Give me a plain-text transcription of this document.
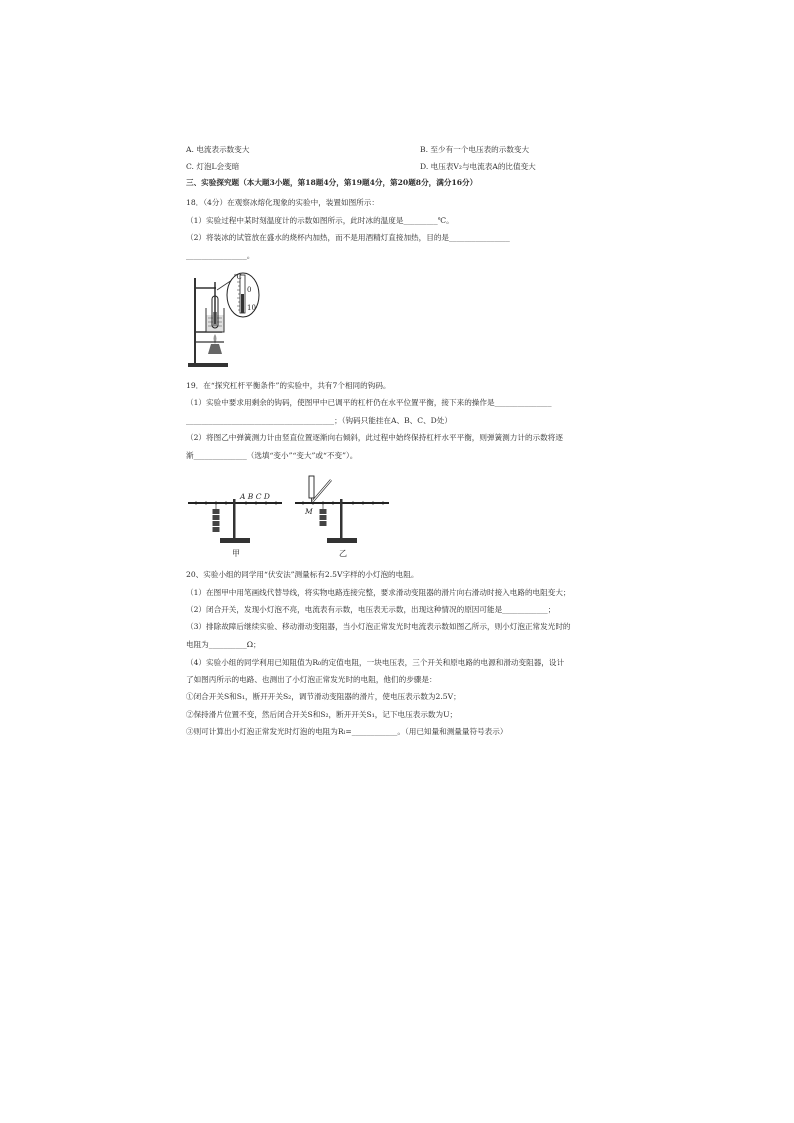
A. 电流表示数变大	B. 至少有一个电压表的示数变大
C. 灯泡L会变暗	D. 电压表V₂与电流表A的比值变大
三、实验探究题（本大题3小题，第18题4分，第19题4分，第20题8分，满分16分）
18．（4分）在观察冰熔化现象的实验中，装置如图所示：
（1）实验过程中某时刻温度计的示数如图所示，此时冰的温度是_________℃。
（2）将装冰的试管放在盛水的烧杯内加热，而不是用酒精灯直接加热，目的是________________
________________。
℃
0
10
19．在“探究杠杆平衡条件”的实验中，共有7个相同的钩码。
（1）实验中要求用剩余的钩码，使图甲中已调平的杠杆仍在水平位置平衡，接下来的操作是_______________
_______________________________________；（钩码只能挂在A、B、C、D处）
（2）将图乙中弹簧测力计由竖直位置逐渐向右倾斜，此过程中始终保持杠杆水平平衡，则弹簧测力计的示数将逐
渐______________（选填“变小”“变大”或“不变”）。
A B C D
甲
M
乙
20、实验小组的同学用“伏安法”测量标有2.5V字样的小灯泡的电阻。
（1）在图甲中用笔画线代替导线，将实物电路连接完整，要求滑动变阻器的滑片向右滑动时接入电路的电阻变大；
（2）闭合开关，发现小灯泡不亮，电流表有示数，电压表无示数，出现这种情况的原因可能是____________；
（3）排除故障后继续实验、移动滑动变阻器，当小灯泡正常发光时电流表示数如图乙所示，则小灯泡正常发光时的
电阻为__________Ω；
（4）实验小组的同学利用已知阻值为R₀的定值电阻，一块电压表，三个开关和原电路的电源和滑动变阻器，设计
了如图丙所示的电路、也测出了小灯泡正常发光时的电阻，他们的步骤是：
①闭合开关S和S₁，断开开关S₂，调节滑动变阻器的滑片，使电压表示数为2.5V；
②保持滑片位置不变，然后闭合开关S和S₂，断开开关S₁，记下电压表示数为U；
③则可计算出小灯泡正常发光时灯泡的电阻为Rₗ=____________。（用已知量和测量量符号表示）
